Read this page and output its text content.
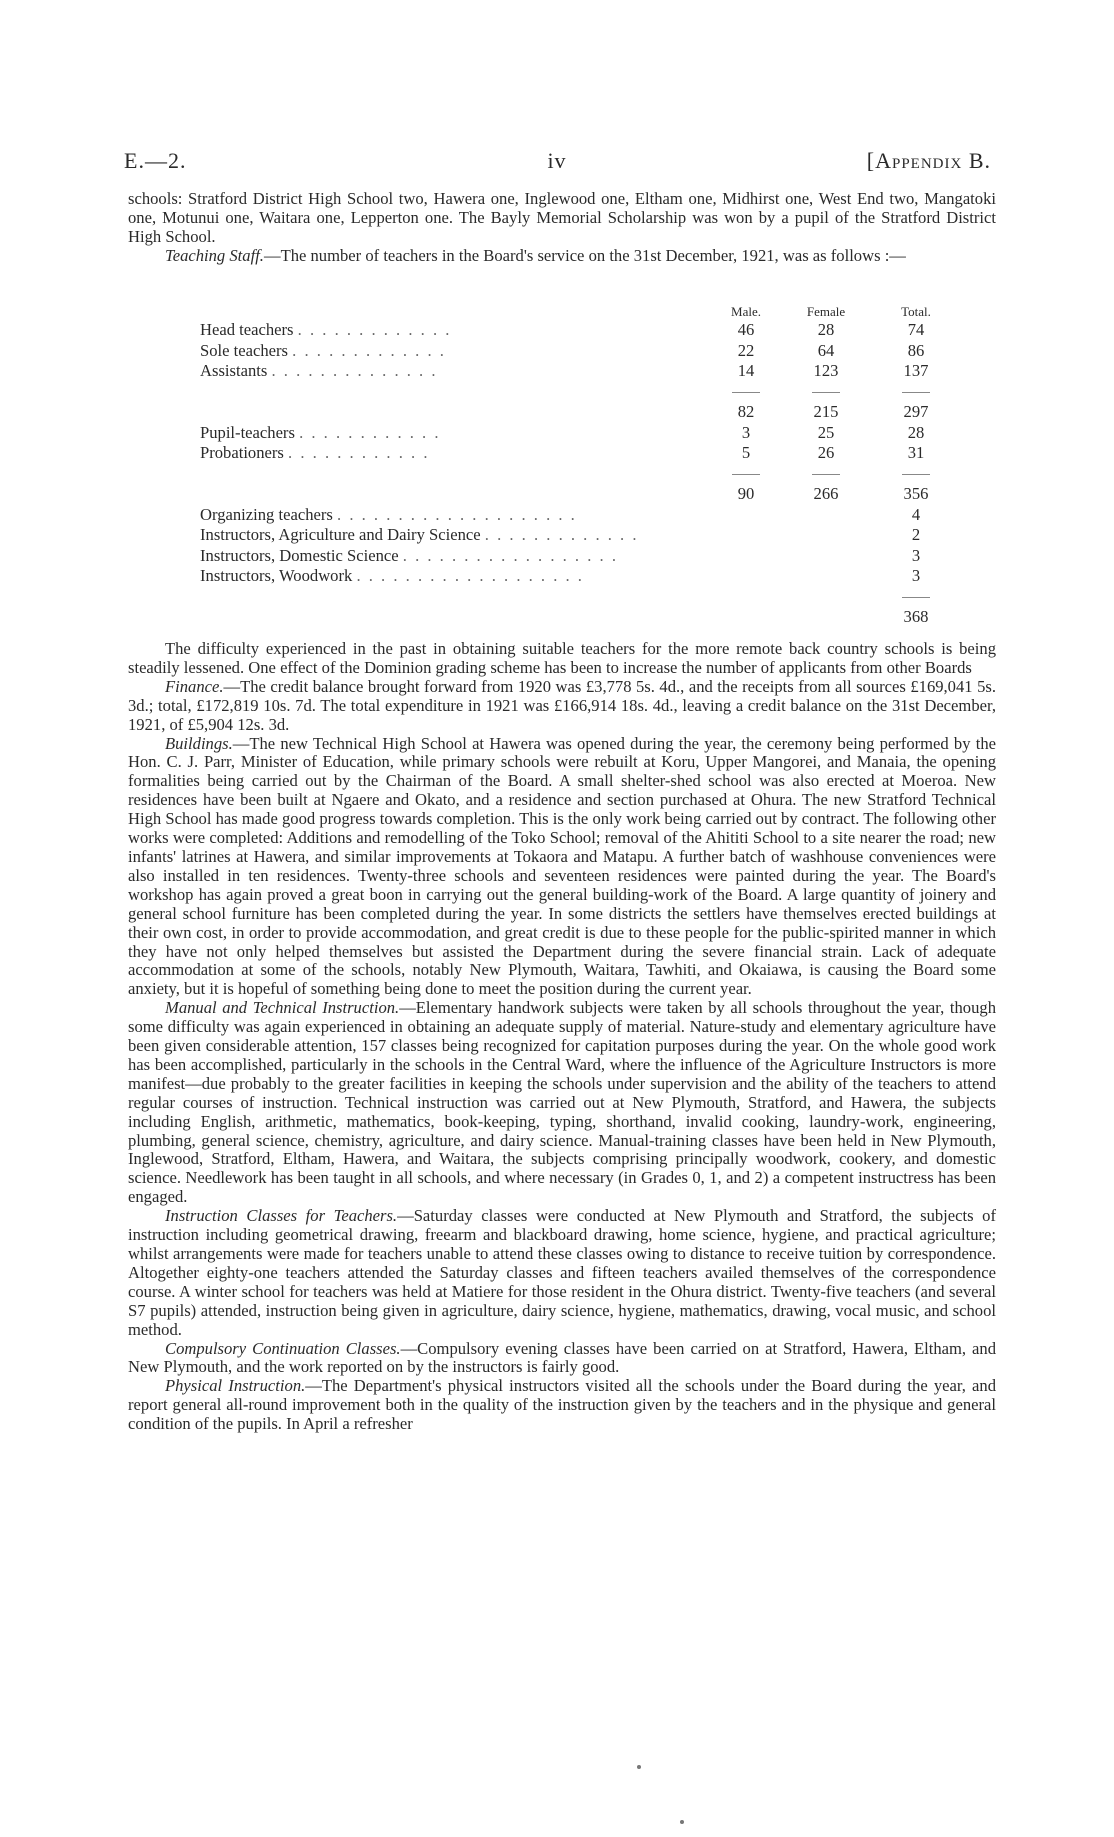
E.—2.	iv	[Appendix B.

schools: Stratford District High School two, Hawera one, Inglewood one, Eltham one, Midhirst one, West End two, Mangatoki one, Motunui one, Waitara one, Lepperton one. The Bayly Memorial Scholarship was won by a pupil of the Stratford District High School.

Teaching Staff.—The number of teachers in the Board's service on the 31st December, 1921, was as follows :—

	Male.	Female	Total.
Head teachers . . . . . . . . . . . . .	46	28	74
Sole teachers . . . . . . . . . . . . .	22	64	86
Assistants . . . . . . . . . . . . . .	14	123	137

	82	215	297
Pupil-teachers . . . . . . . . . . . .	3	25	28
Probationers . . . . . . . . . . . .	5	26	31

	90	266	356
Organizing teachers . . . . . . . . . . . . . . . . . . . .			4
Instructors, Agriculture and Dairy Science . . . . . . . . . . . . .			2
Instructors, Domestic Science . . . . . . . . . . . . . . . . . .			3
Instructors, Woodwork . . . . . . . . . . . . . . . . . . .			3

			368

The difficulty experienced in the past in obtaining suitable teachers for the more remote back country schools is being steadily lessened. One effect of the Dominion grading scheme has been to increase the number of applicants from other Boards

Finance.—The credit balance brought forward from 1920 was £3,778 5s. 4d., and the receipts from all sources £169,041 5s. 3d.; total, £172,819 10s. 7d. The total expenditure in 1921 was £166,914 18s. 4d., leaving a credit balance on the 31st December, 1921, of £5,904 12s. 3d.

Buildings.—The new Technical High School at Hawera was opened during the year, the ceremony being performed by the Hon. C. J. Parr, Minister of Education, while primary schools were rebuilt at Koru, Upper Mangorei, and Manaia, the opening formalities being carried out by the Chairman of the Board. A small shelter-shed school was also erected at Moeroa. New residences have been built at Ngaere and Okato, and a residence and section purchased at Ohura. The new Stratford Technical High School has made good progress towards completion. This is the only work being carried out by contract. The following other works were completed: Additions and remodelling of the Toko School; removal of the Ahititi School to a site nearer the road; new infants' latrines at Hawera, and similar improvements at Tokaora and Matapu. A further batch of washhouse conveniences were also installed in ten residences. Twenty-three schools and seventeen residences were painted during the year. The Board's workshop has again proved a great boon in carrying out the general building-work of the Board. A large quantity of joinery and general school furniture has been completed during the year. In some districts the settlers have themselves erected buildings at their own cost, in order to provide accommodation, and great credit is due to these people for the public-spirited manner in which they have not only helped themselves but assisted the Department during the severe financial strain. Lack of adequate accommodation at some of the schools, notably New Plymouth, Waitara, Tawhiti, and Okaiawa, is causing the Board some anxiety, but it is hopeful of something being done to meet the position during the current year.

Manual and Technical Instruction.—Elementary handwork subjects were taken by all schools throughout the year, though some difficulty was again experienced in obtaining an adequate supply of material. Nature-study and elementary agriculture have been given considerable attention, 157 classes being recognized for capitation purposes during the year. On the whole good work has been accomplished, particularly in the schools in the Central Ward, where the influence of the Agriculture Instructors is more manifest—due probably to the greater facilities in keeping the schools under supervision and the ability of the teachers to attend regular courses of instruction. Technical instruction was carried out at New Plymouth, Stratford, and Hawera, the subjects including English, arithmetic, mathematics, book-keeping, typing, shorthand, invalid cooking, laundry-work, engineering, plumbing, general science, chemistry, agriculture, and dairy science. Manual-training classes have been held in New Plymouth, Inglewood, Stratford, Eltham, Hawera, and Waitara, the subjects comprising principally woodwork, cookery, and domestic science. Needlework has been taught in all schools, and where necessary (in Grades 0, 1, and 2) a competent instructress has been engaged.

Instruction Classes for Teachers.—Saturday classes were conducted at New Plymouth and Stratford, the subjects of instruction including geometrical drawing, freearm and blackboard drawing, home science, hygiene, and practical agriculture; whilst arrangements were made for teachers unable to attend these classes owing to distance to receive tuition by correspondence. Altogether eighty-one teachers attended the Saturday classes and fifteen teachers availed themselves of the correspondence course. A winter school for teachers was held at Matiere for those resident in the Ohura district. Twenty-five teachers (and several S7 pupils) attended, instruction being given in agriculture, dairy science, hygiene, mathematics, drawing, vocal music, and school method.

Compulsory Continuation Classes.—Compulsory evening classes have been carried on at Stratford, Hawera, Eltham, and New Plymouth, and the work reported on by the instructors is fairly good.

Physical Instruction.—The Department's physical instructors visited all the schools under the Board during the year, and report general all-round improvement both in the quality of the instruction given by the teachers and in the physique and general condition of the pupils. In April a refresher
